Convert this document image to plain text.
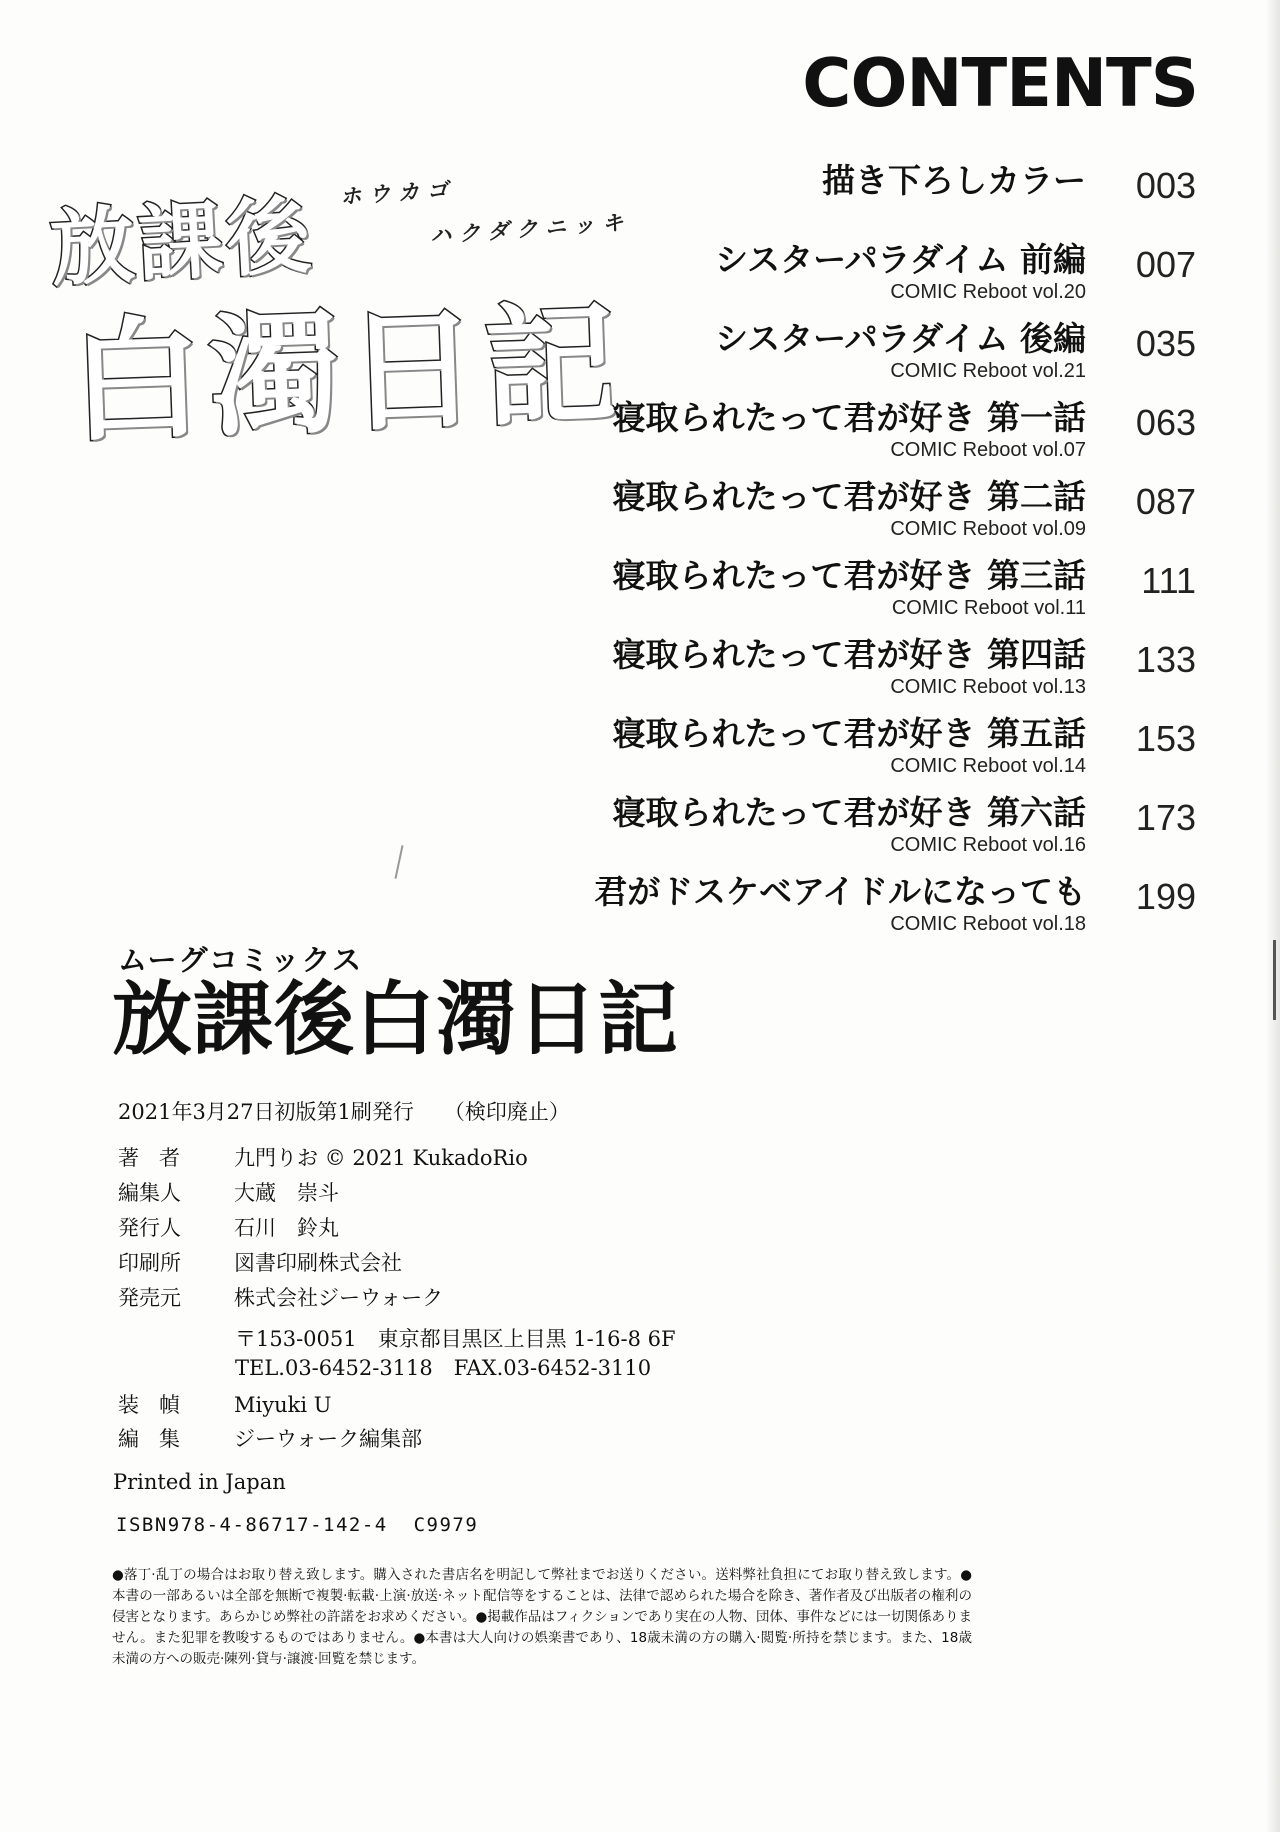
放課後 ホウカゴ
ハクダクニッキ
白濁日記
CONTENTS
描き下ろしカラー 003
シスターパラダイム 前編
COMIC Reboot vol.20
007
シスターパラダイム 後編
COMIC Reboot vol.21
035
寝取られたって君が好き 第一話
COMIC Reboot vol.07
063
寝取られたって君が好き 第二話
COMIC Reboot vol.09
087
寝取られたって君が好き 第三話
COMIC Reboot vol.11
111
寝取られたって君が好き 第四話
COMIC Reboot vol.13
133
寝取られたって君が好き 第五話
COMIC Reboot vol.14
153
寝取られたって君が好き 第六話
COMIC Reboot vol.16
173
君がドスケベアイドルになっても
COMIC Reboot vol.18
199
ムーグコミックス
放課後白濁日記
2021年3月27日初版第1刷発行 （検印廃止）
著者 九門りお © 2021 KukadoRio
編集人	大蔵　崇斗
発行人	石川　鈴丸
印刷所	図書印刷株式会社
発売元	株式会社ジーウォーク
〒153-0051　東京都目黒区上目黒 1-16-8 6F
TEL.03-6452-3118　FAX.03-6452-3110
装幀 Miyuki U
編集 ジーウォーク編集部
Printed in Japan
ISBN978-4-86717-142-4  C9979
●落丁·乱丁の場合はお取り替え致します。購入された書店名を明記して弊社までお送りください。送料弊社負担にてお取り替え致します。●本書の一部あるいは全部を無断で複製·転載·上演·放送·ネット配信等をすることは、法律で認められた場合を除き、著作者及び出版者の権利の侵害となります。あらかじめ弊社の許諾をお求めください。●掲載作品はフィクションであり実在の人物、団体、事件などには一切関係ありません。また犯罪を教唆するものではありません。●本書は大人向けの娯楽書であり、18歳未満の方の購入·閲覧·所持を禁じます。また、18歳未満の方への販売·陳列·貸与·譲渡·回覧を禁じます。
